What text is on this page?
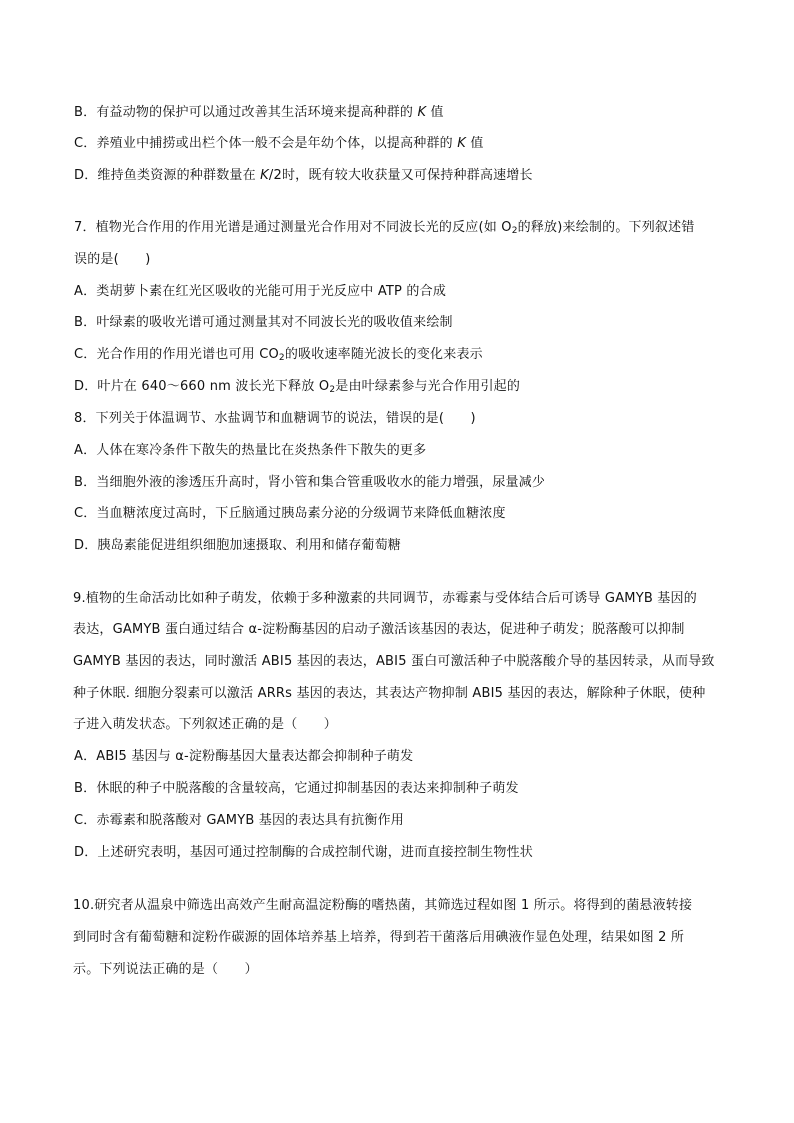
B．有益动物的保护可以通过改善其生活环境来提高种群的 K 值
C．养殖业中捕捞或出栏个体一般不会是年幼个体，以提高种群的 K 值
D．维持鱼类资源的种群数量在 K/2时，既有较大收获量又可保持种群高速增长
7．植物光合作用的作用光谱是通过测量光合作用对不同波长光的反应(如 $O_2$的释放)来绘制的。下列叙述错
误的是(　　)
A．类胡萝卜素在红光区吸收的光能可用于光反应中 ATP 的合成
B．叶绿素的吸收光谱可通过测量其对不同波长光的吸收值来绘制
C．光合作用的作用光谱也可用 $CO_2$的吸收速率随光波长的变化来表示
D．叶片在 640～660 nm 波长光下释放 $O_2$是由叶绿素参与光合作用引起的
8．下列关于体温调节、水盐调节和血糖调节的说法，错误的是(　　)
A．人体在寒冷条件下散失的热量比在炎热条件下散失的更多
B．当细胞外液的渗透压升高时，肾小管和集合管重吸收水的能力增强，尿量减少
C．当血糖浓度过高时，下丘脑通过胰岛素分泌的分级调节来降低血糖浓度
D．胰岛素能促进组织细胞加速摄取、利用和储存葡萄糖
9.植物的生命活动比如种子萌发，依赖于多种激素的共同调节，赤霉素与受体结合后可诱导 GAMYB 基因的
表达，GAMYB 蛋白通过结合 α-淀粉酶基因的启动子激活该基因的表达，促进种子萌发；脱落酸可以抑制
GAMYB 基因的表达，同时激活 ABI5 基因的表达，ABI5 蛋白可激活种子中脱落酸介导的基因转录，从而导致
种子休眠. 细胞分裂素可以激活 ARRs 基因的表达，其表达产物抑制 ABI5 基因的表达，解除种子休眠，使种
子进入萌发状态。下列叙述正确的是（　　）
A．ABI5 基因与 α-淀粉酶基因大量表达都会抑制种子萌发
B．休眠的种子中脱落酸的含量较高，它通过抑制基因的表达来抑制种子萌发
C．赤霉素和脱落酸对 GAMYB 基因的表达具有抗衡作用
D．上述研究表明，基因可通过控制酶的合成控制代谢，进而直接控制生物性状
10.研究者从温泉中筛选出高效产生耐高温淀粉酶的嗜热菌，其筛选过程如图 1 所示。将得到的菌悬液转接
到同时含有葡萄糖和淀粉作碳源的固体培养基上培养，得到若干菌落后用碘液作显色处理，结果如图 2 所
示。下列说法正确的是（　　）
